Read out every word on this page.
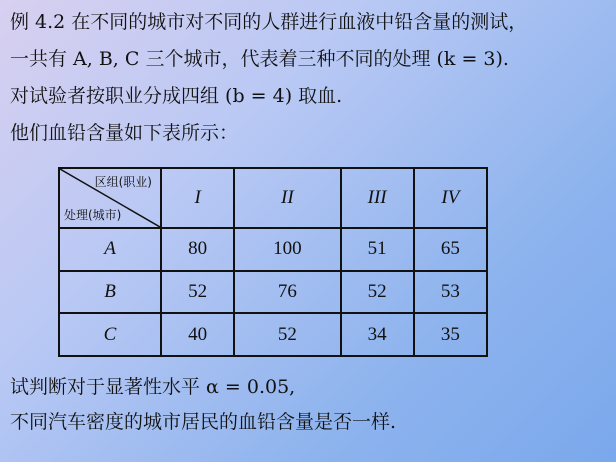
例 4.2 在不同的城市对不同的人群进行血液中铅含量的测试，
一共有 A, B, C 三个城市，代表着三种不同的处理 (k = 3).
对试验者按职业分成四组 (b = 4) 取血.
他们血铅含量如下表所示：
区组(职业)
处理(城市)	I	II	III	IV
A	80	100	51	65
B	52	76	52	53
C	40	52	34	35
试判断对于显著性水平 α = 0.05,
不同汽车密度的城市居民的血铅含量是否一样.
